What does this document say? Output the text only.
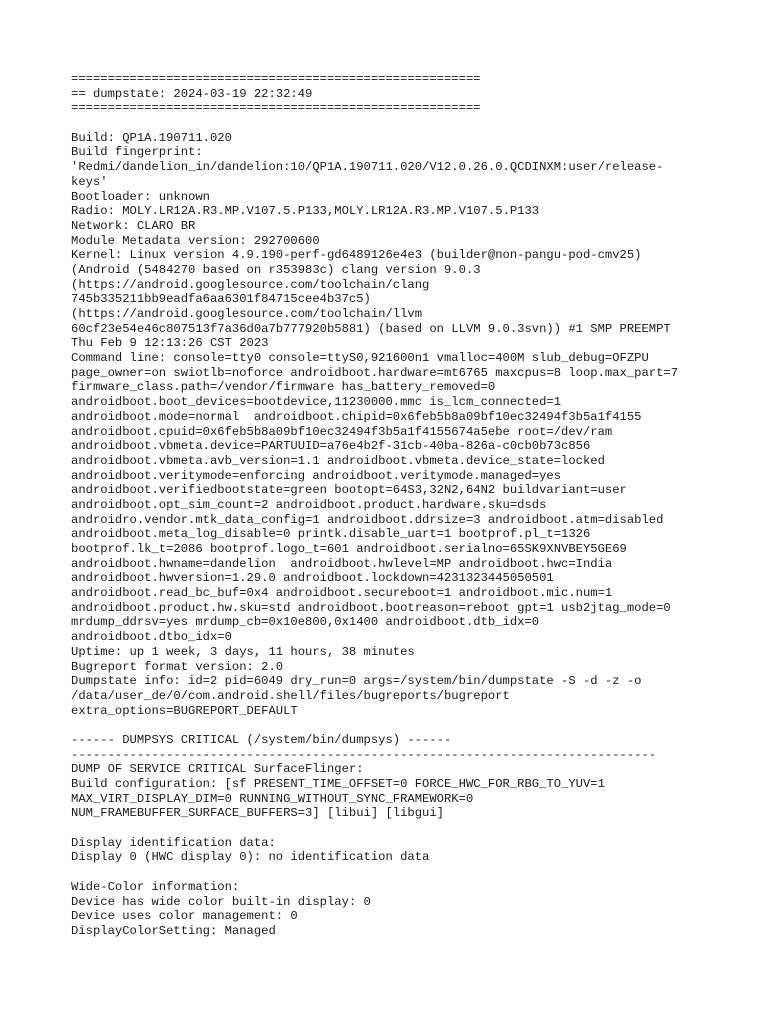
========================================================
== dumpstate: 2024-03-19 22:32:49
========================================================
Build: QP1A.190711.020
Build fingerprint:
'Redmi/dandelion_in/dandelion:10/QP1A.190711.020/V12.0.26.0.QCDINXM:user/release-
keys'
Bootloader: unknown
Radio: MOLY.LR12A.R3.MP.V107.5.P133,MOLY.LR12A.R3.MP.V107.5.P133
Network: CLARO BR
Module Metadata version: 292700600
Kernel: Linux version 4.9.190-perf-gd6489126e4e3 (builder@non-pangu-pod-cmv25)
(Android (5484270 based on r353983c) clang version 9.0.3
(https://android.googlesource.com/toolchain/clang
745b335211bb9eadfa6aa6301f84715cee4b37c5)
(https://android.googlesource.com/toolchain/llvm
60cf23e54e46c807513f7a36d0a7b777920b5881) (based on LLVM 9.0.3svn)) #1 SMP PREEMPT
Thu Feb 9 12:13:26 CST 2023
Command line: console=tty0 console=ttyS0,921600n1 vmalloc=400M slub_debug=OFZPU
page_owner=on swiotlb=noforce androidboot.hardware=mt6765 maxcpus=8 loop.max_part=7
firmware_class.path=/vendor/firmware has_battery_removed=0
androidboot.boot_devices=bootdevice,11230000.mmc is_lcm_connected=1
androidboot.mode=normal  androidboot.chipid=0x6feb5b8a09bf10ec32494f3b5a1f4155
androidboot.cpuid=0x6feb5b8a09bf10ec32494f3b5a1f4155674a5ebe root=/dev/ram
androidboot.vbmeta.device=PARTUUID=a76e4b2f-31cb-40ba-826a-c0cb0b73c856
androidboot.vbmeta.avb_version=1.1 androidboot.vbmeta.device_state=locked
androidboot.veritymode=enforcing androidboot.veritymode.managed=yes
androidboot.verifiedbootstate=green bootopt=64S3,32N2,64N2 buildvariant=user
androidboot.opt_sim_count=2 androidboot.product.hardware.sku=dsds
androidro.vendor.mtk_data_config=1 androidboot.ddrsize=3 androidboot.atm=disabled
androidboot.meta_log_disable=0 printk.disable_uart=1 bootprof.pl_t=1326
bootprof.lk_t=2086 bootprof.logo_t=601 androidboot.serialno=65SK9XNVBEY5GE69
androidboot.hwname=dandelion  androidboot.hwlevel=MP androidboot.hwc=India
androidboot.hwversion=1.29.0 androidboot.lockdown=4231323445050501
androidboot.read_bc_buf=0x4 androidboot.secureboot=1 androidboot.mic.num=1
androidboot.product.hw.sku=std androidboot.bootreason=reboot gpt=1 usb2jtag_mode=0
mrdump_ddrsv=yes mrdump_cb=0x10e800,0x1400 androidboot.dtb_idx=0
androidboot.dtbo_idx=0
Uptime: up 1 week, 3 days, 11 hours, 38 minutes
Bugreport format version: 2.0
Dumpstate info: id=2 pid=6049 dry_run=0 args=/system/bin/dumpstate -S -d -z -o
/data/user_de/0/com.android.shell/files/bugreports/bugreport
extra_options=BUGREPORT_DEFAULT
------ DUMPSYS CRITICAL (/system/bin/dumpsys) ------
--------------------------------------------------------------------------------
DUMP OF SERVICE CRITICAL SurfaceFlinger:
Build configuration: [sf PRESENT_TIME_OFFSET=0 FORCE_HWC_FOR_RBG_TO_YUV=1
MAX_VIRT_DISPLAY_DIM=0 RUNNING_WITHOUT_SYNC_FRAMEWORK=0
NUM_FRAMEBUFFER_SURFACE_BUFFERS=3] [libui] [libgui]
Display identification data:
Display 0 (HWC display 0): no identification data
Wide-Color information:
Device has wide color built-in display: 0
Device uses color management: 0
DisplayColorSetting: Managed
